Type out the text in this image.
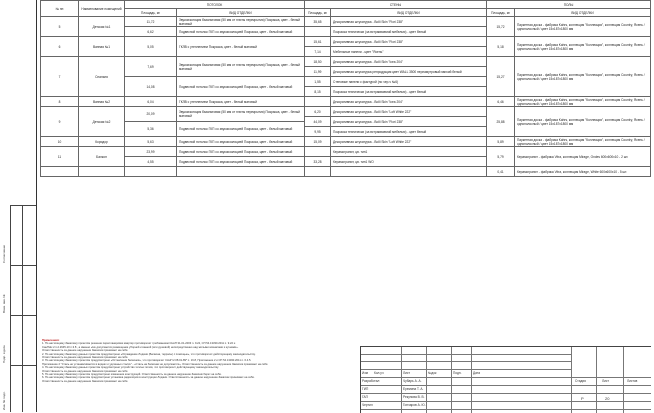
Согласовано
Взам. инв. №
Подп. и дата
Инв. № подл.
№ пп	Наименование помещений	ПОТОЛОК		СТЕНЫ		ПОЛЫ	
		Площадь, м²	ВИД ОТДЕЛКИ	Площадь, м²	ВИД ОТДЕЛКИ	Площадь, м²	ВИД ОТДЕЛКИ
5	Детская №1	11,72	Звукоизоляция базальтовая (50 мм от плиты перекрытия) Покраска, цвет - белый матовый	35,65	Декоративная штукатурка - Bolli Skin "Fiori 238"	15,72	Паркетная доска - фабрика Kahrs, коллекция "Коллекция", коллекция Country, Ясень / однополосный / цвет 15x187x1800 мм

		6,62	Подвесной потолок ГКП со звукоизоляцией Покраска, цвет - белый матовый		Покраска технически (за встраиваемой мебелью) - цвет белый		

6	Ванная №1	5,05	ГКЛВ с утеплением Покраска, цвет - белый матовый	15,61	Декоративная штукатурка - Bolli Skin "Fiori 238"	5,18	Паркетная доска - фабрика Kahrs, коллекция "Коллекция", коллекция Country, Ясень / однополосный / цвет 15x187x1800 мм

				7,14	Мебельные панели - цвет "Ясень"		

7	Спальня	7,69	Звукоизоляция базальтовая (50 мм от плиты перекрытия) Покраска, цвет - белый матовый	18,50	Декоративная штукатурка - Bolli Skin "Icea 204"	15,27	Паркетная доска - фабрика Kahrs, коллекция "Коллекция", коллекция Country, Ясень / однополосный / цвет 15x187x1800 мм

				11,99	Декоративная штукатурка репродукция цвет WALL 3500 перламутровый мягкий белый		

		14,08	Подвесной потолок ГКП со звукоизоляцией Покраска, цвет - белый матовый	1,55	Стеновые панели с фактурой (по чер.ч №6)		

				8,15	Покраска технически (за встраиваемой мебелью) - цвет белый		

8	Ванная №2	6,04	ГКЛВ с утеплением Покраска, цвет - белый матовый		Декоративная штукатурка - Bolli Skin "Icea 204"	6,46	Паркетная доска - фабрика Kahrs, коллекция "Коллекция", коллекция Country, Ясень / однополосный / цвет 15x187x1800 мм

9	Детская №2	20,09	Звукоизоляция базальтовая (50 мм от плиты перекрытия) Покраска, цвет - белый матовый	6,20	Декоративная штукатурка - Bolli Skin "Loft White 222"	25,88	Паркетная доска - фабрика Kahrs, коллекция "Коллекция", коллекция Country, Ясень / однополосный / цвет 15x187x1800 мм

				44,09	Декоративная штукатурка - Bolli Skin "Fiori 238"		
		5,36	Подвесной потолок ГКП со звукоизоляцией Покраска, цвет - белый матовый				
				9,95	Покраска технически (за встраиваемой мебелью) - цвет белый		

10	Коридор	5,63	Подвесной потолок ГКП со звукоизоляцией Покраска, цвет - белый матовый	15,09	Декоративная штукатурка - Bolli Skin "Loft White 222"	5,89	Паркетная доска - фабрика Kahrs, коллекция "Коллекция", коллекция Country, Ясень / однополосный / цвет 15x187x1800 мм

11	Балкон	23,99	Подвесной потолок ГКП со звукоизоляцией Покраска, цвет - белый матовый		Керамогранит, цв. тип1	5,79	Керамогранит - фабрика Vitra, коллекция Mirage, Ondes 600x600x10 - 2 шт.

		4,55	Подвесной потолок ГКП со звукоизоляцией Покраска, цвет - белый матовый	33,28	Керамогранит, цв. тип1 WO		

						0,41	Керамогранит - фабрика Vitra, коллекция Mirage, White 600x600x10 - 5 шт.

Примечания:

1. По настоящему Заказчику проектом решение перепланировки квартир противоречит требованиям СНиП 31-01-2003 п. 9.22, СП 54.13330.2011 п. 9.22 и

СанПиН 2.1.2.2645-10 п.3.8 , а именно «Не допускается размещение уборной и ванной (или душевой) непосредственно над жилыми комнатами и кухнями».

Ответственность за данное нарушение Заказчик принимает на себя.

2. По настоящему Заказчику данных проектом предусмотрено «Ограждение Лоджии (Балкона, террасы) с помощью», что противоречит действующему законодательству.

Ответственность за данное нарушение Заказчик принимает на себя.

3. По настоящему Заказчику проектом предусмотрено «Остекление балконов», что противоречит СНиП 2.08.01-89* п. 16.8, Приложение 2 и СП 54.13330.2011 п. 6.4.5.

Приложение 2 "Сталь не устанавливается в виднях и удлинных сталях" - «Сталь на балконах не допускается». Ответственность за данное нарушение Заказчик принимает на себя.

4. По настоящему Заказчику данных проектом предусмотрено устройство теплых полов, что противоречит действующему законодательству.

Ответственность за данное нарушение Заказчик принимает на себя.

5. По настоящему Заказчику проектом предусмотрено изменение конструкций. Ответственность за данное нарушение Заказчик берет на себя.

6. По настоящему Заказчику проектом предусмотрено установка радиаторов в конструкции Лоджии. Ответственность за данное нарушение Заказчик принимает на себя.

Ответственность за данное нарушение Заказчик принимает на себя.

Изм Кол.уч	Лист	№док	Подп.	Дата
Разработал	Чубарь А. А.
ГИП	Еремина Т. А.
ГАП	Рекунова В. В.
Чертил	Гончаров А. Ю.
Стадия	Лист	Листов
Р	20
